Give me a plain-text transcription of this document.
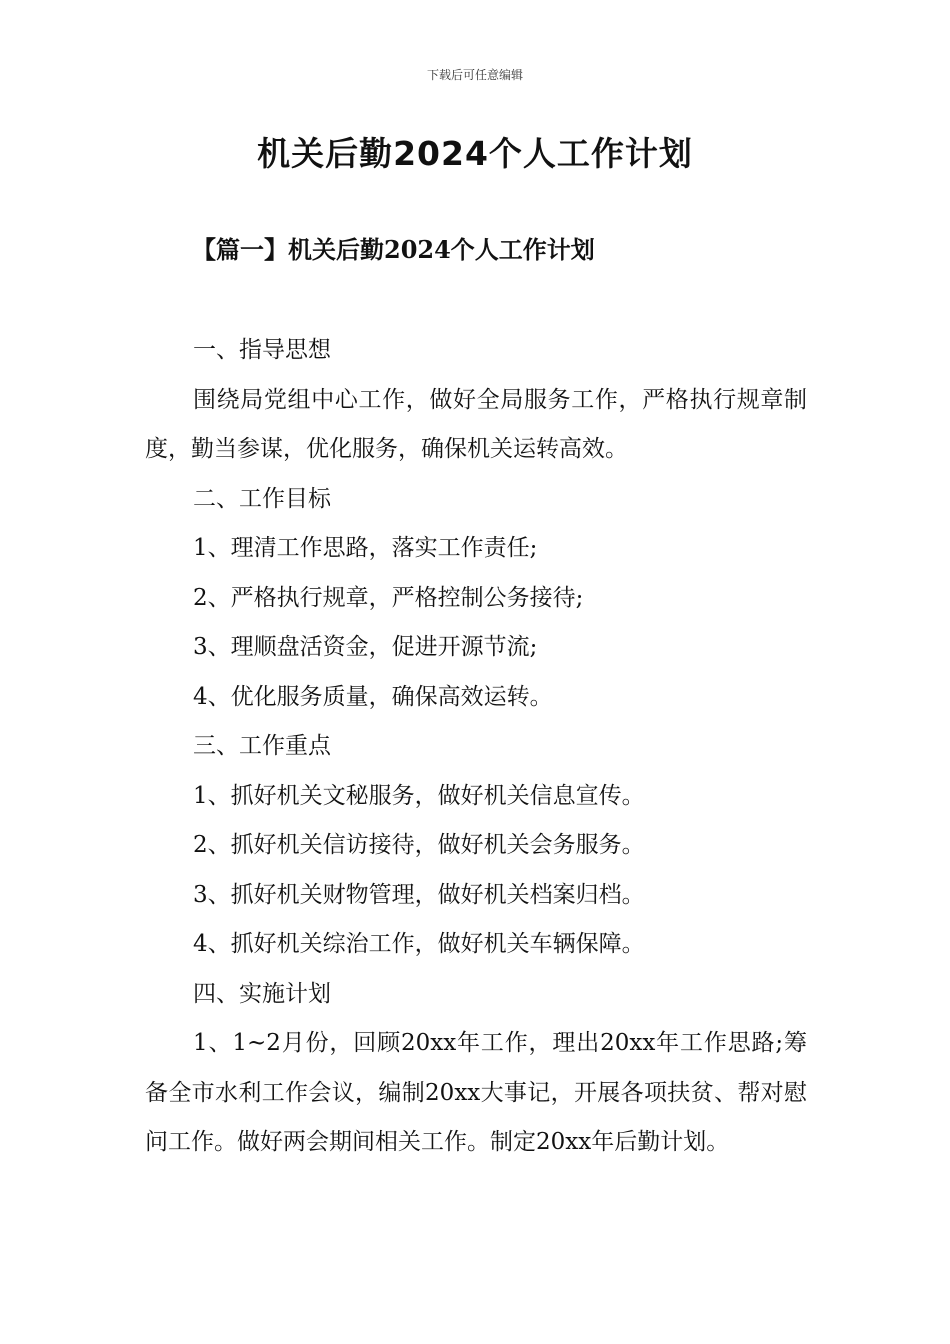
下载后可任意编辑
机关后勤2024个人工作计划
【篇一】机关后勤2024个人工作计划

一、指导思想

围绕局党组中心工作，做好全局服务工作，严格执行规章制度，勤当参谋，优化服务，确保机关运转高效。

二、工作目标

1、理清工作思路，落实工作责任;

2、严格执行规章，严格控制公务接待;

3、理顺盘活资金，促进开源节流;

4、优化服务质量，确保高效运转。

三、工作重点

1、抓好机关文秘服务，做好机关信息宣传。

2、抓好机关信访接待，做好机关会务服务。

3、抓好机关财物管理，做好机关档案归档。

4、抓好机关综治工作，做好机关车辆保障。

四、实施计划

1、1~2月份，回顾20xx年工作，理出20xx年工作思路;筹备全市水利工作会议，编制20xx大事记，开展各项扶贫、帮对慰问工作。做好两会期间相关工作。制定20xx年后勤计划。
